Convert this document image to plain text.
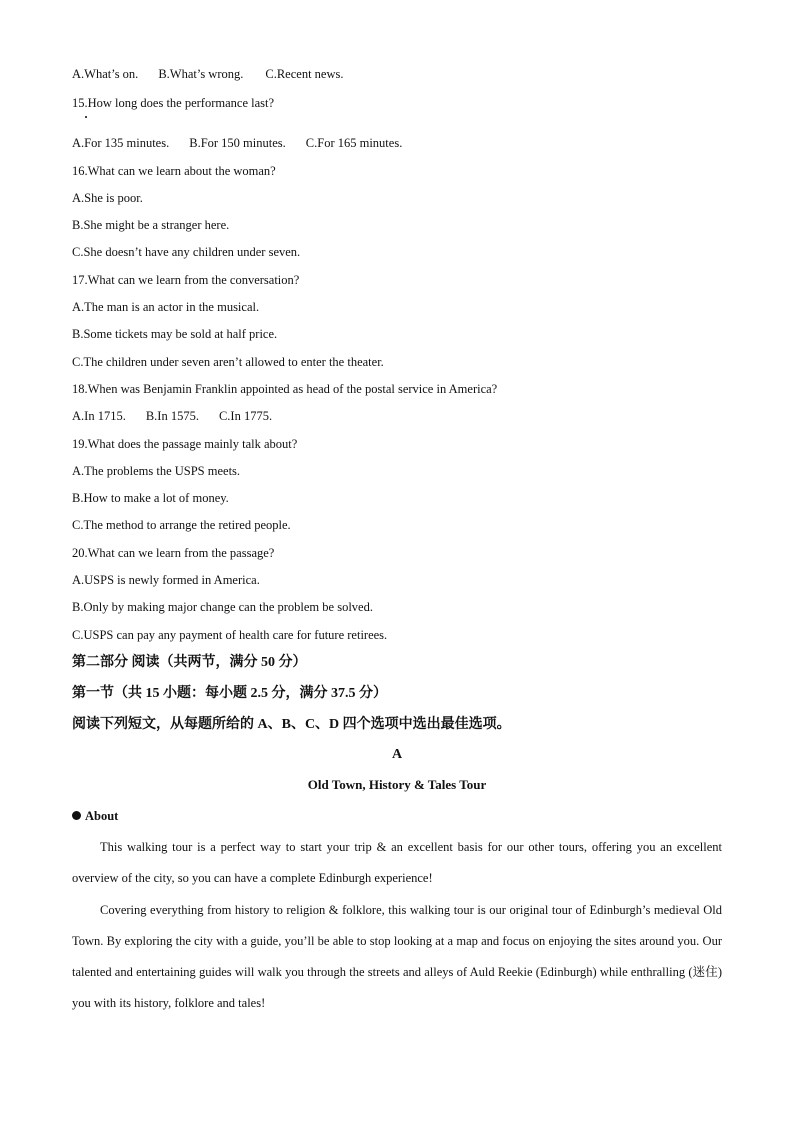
A.What’s on. B.What’s wrong. C.Recent news.
15.How long does the performance last?
A.For 135 minutes. B.For 150 minutes. C.For 165 minutes.
16.What can we learn about the woman?
A.She is poor.
B.She might be a stranger here.
C.She doesn’t have any children under seven.
17.What can we learn from the conversation?
A.The man is an actor in the musical.
B.Some tickets may be sold at half price.
C.The children under seven aren’t allowed to enter the theater.
18.When was Benjamin Franklin appointed as head of the postal service in America?
A.In 1715. B.In 1575. C.In 1775.
19.What does the passage mainly talk about?
A.The problems the USPS meets.
B.How to make a lot of money.
C.The method to arrange the retired people.
20.What can we learn from the passage?
A.USPS is newly formed in America.
B.Only by making major change can the problem be solved.
C.USPS can pay any payment of health care for future retirees.
第二部分 阅读（共两节，满分 50 分）
第一节（共 15 小题：每小题 2.5 分，满分 37.5 分）
阅读下列短文，从每题所给的 A、B、C、D 四个选项中选出最佳选项。
A
Old Town, History & Tales Tour
About
This walking tour is a perfect way to start your trip & an excellent basis for our other tours, offering you an excellent overview of the city, so you can have a complete Edinburgh experience!
Covering everything from history to religion & folklore, this walking tour is our original tour of Edinburgh’s medieval Old Town. By exploring the city with a guide, you’ll be able to stop looking at a map and focus on enjoying the sites around you. Our talented and entertaining guides will walk you through the streets and alleys of Auld Reekie (Edinburgh) while enthralling (迷住) you with its history, folklore and tales!
